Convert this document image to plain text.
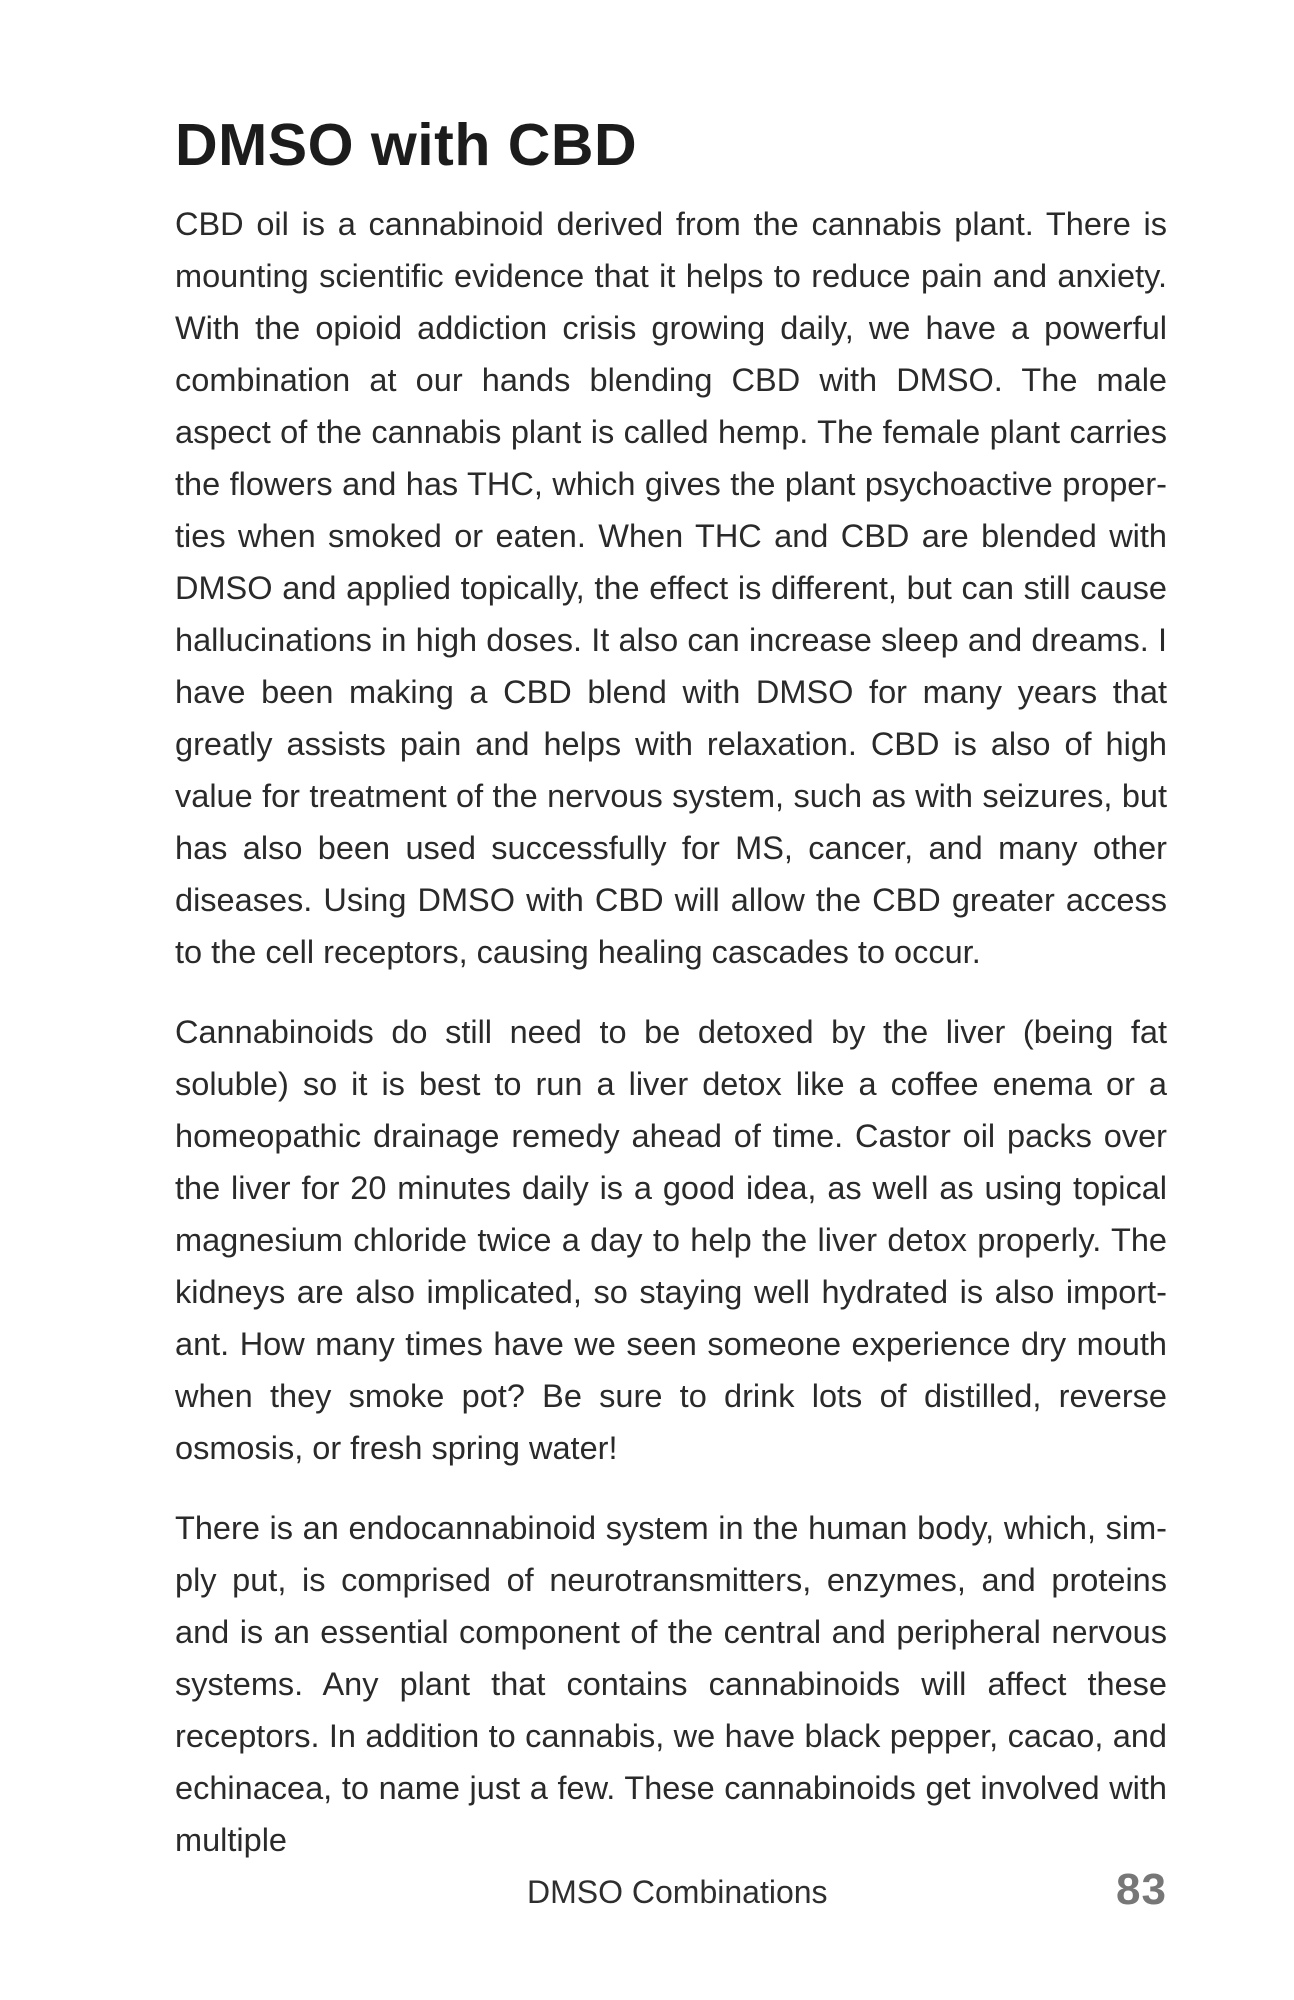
DMSO with CBD

CBD oil is a cannabinoid derived from the cannabis plant. There is mounting scientific evidence that it helps to reduce pain and anxiety. With the opioid addiction crisis growing daily, we have a powerful combination at our hands blending CBD with DMSO. The male aspect of the cannabis plant is called hemp. The female plant carries the flowers and has THC, which gives the plant psychoactive properties when smoked or eaten. When THC and CBD are blended with DMSO and applied topically, the effect is different, but can still cause hallucinations in high doses. It also can increase sleep and dreams. I have been making a CBD blend with DMSO for many years that greatly assists pain and helps with relaxation. CBD is also of high value for treatment of the nervous system, such as with seizures, but has also been used successfully for MS, cancer, and many other diseases. Using DMSO with CBD will allow the CBD greater access to the cell receptors, causing healing cascades to occur.

Cannabinoids do still need to be detoxed by the liver (being fat soluble) so it is best to run a liver detox like a coffee enema or a homeopathic drainage remedy ahead of time. Castor oil packs over the liver for 20 minutes daily is a good idea, as well as using topical magnesium chloride twice a day to help the liver detox properly. The kidneys are also implicated, so staying well hydrated is also important. How many times have we seen someone experience dry mouth when they smoke pot? Be sure to drink lots of distilled, reverse osmosis, or fresh spring water!

There is an endocannabinoid system in the human body, which, simply put, is comprised of neurotransmitters, enzymes, and proteins and is an essential component of the central and peripheral nervous systems. Any plant that contains cannabinoids will affect these receptors. In addition to cannabis, we have black pepper, cacao, and echinacea, to name just a few. These cannabinoids get involved with multiple

DMSO Combinations	83
